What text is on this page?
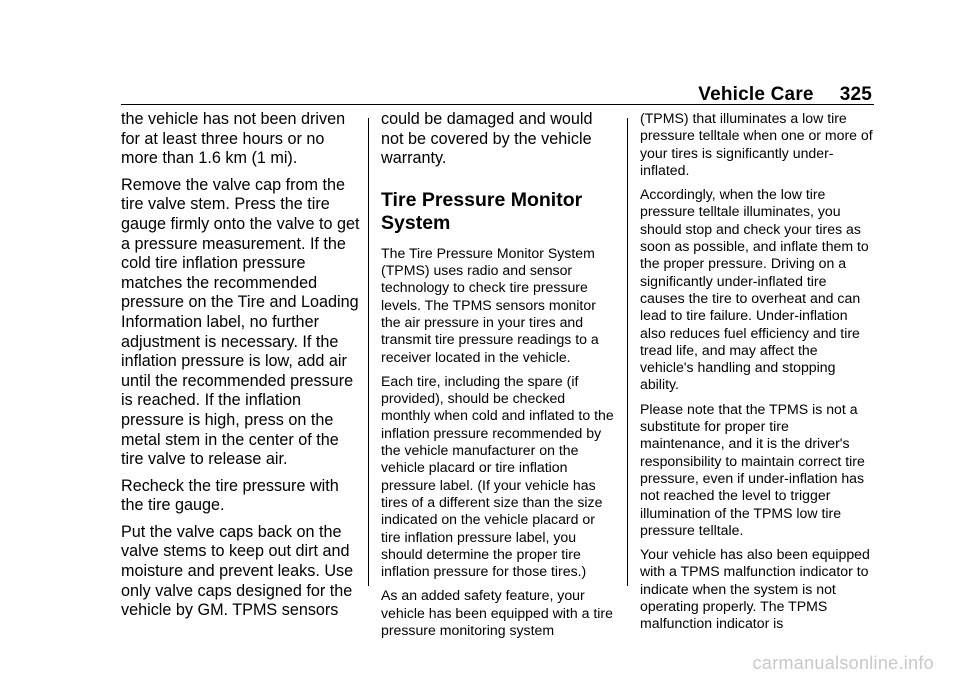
Vehicle Care 325

the vehicle has not been driven for at least three hours or no more than 1.6 km (1 mi).

Remove the valve cap from the tire valve stem. Press the tire gauge firmly onto the valve to get a pressure measurement. If the cold tire inflation pressure matches the recommended pressure on the Tire and Loading Information label, no further adjustment is necessary. If the inflation pressure is low, add air until the recommended pressure is reached. If the inflation pressure is high, press on the metal stem in the center of the tire valve to release air.

Recheck the tire pressure with the tire gauge.

Put the valve caps back on the valve stems to keep out dirt and moisture and prevent leaks. Use only valve caps designed for the vehicle by GM. TPMS sensors

could be damaged and would not be covered by the vehicle warranty.

Tire Pressure Monitor System

The Tire Pressure Monitor System (TPMS) uses radio and sensor technology to check tire pressure levels. The TPMS sensors monitor the air pressure in your tires and transmit tire pressure readings to a receiver located in the vehicle.

Each tire, including the spare (if provided), should be checked monthly when cold and inflated to the inflation pressure recommended by the vehicle manufacturer on the vehicle placard or tire inflation pressure label. (If your vehicle has tires of a different size than the size indicated on the vehicle placard or tire inflation pressure label, you should determine the proper tire inflation pressure for those tires.)

As an added safety feature, your vehicle has been equipped with a tire pressure monitoring system

(TPMS) that illuminates a low tire pressure telltale when one or more of your tires is significantly under-inflated.

Accordingly, when the low tire pressure telltale illuminates, you should stop and check your tires as soon as possible, and inflate them to the proper pressure. Driving on a significantly under-inflated tire causes the tire to overheat and can lead to tire failure. Under-inflation also reduces fuel efficiency and tire tread life, and may affect the vehicle's handling and stopping ability.

Please note that the TPMS is not a substitute for proper tire maintenance, and it is the driver's responsibility to maintain correct tire pressure, even if under-inflation has not reached the level to trigger illumination of the TPMS low tire pressure telltale.

Your vehicle has also been equipped with a TPMS malfunction indicator to indicate when the system is not operating properly. The TPMS malfunction indicator is

carmanualsonline.info
